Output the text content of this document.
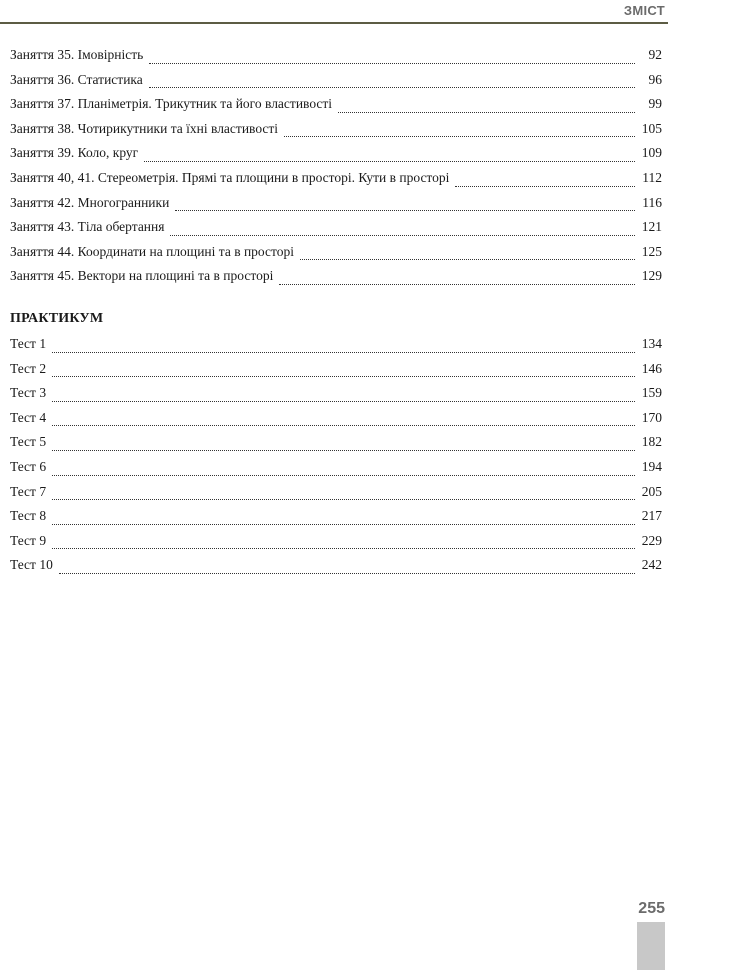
ЗМІСТ
Заняття 35. Імовірність	92
Заняття 36. Статистика	96
Заняття 37. Планіметрія. Трикутник та його властивості	99
Заняття 38. Чотирикутники та їхні властивості	105
Заняття 39. Коло, круг	109
Заняття 40, 41. Стереометрія. Прямі та площини в просторі. Кути в просторі	112
Заняття 42. Многогранники	116
Заняття 43. Тіла обертання	121
Заняття 44. Координати на площині та в просторі	125
Заняття 45. Вектори на площині та в просторі	129
ПРАКТИКУМ
Тест 1	134
Тест 2	146
Тест 3	159
Тест 4	170
Тест 5	182
Тест 6	194
Тест 7	205
Тест 8	217
Тест 9	229
Тест 10	242
255
